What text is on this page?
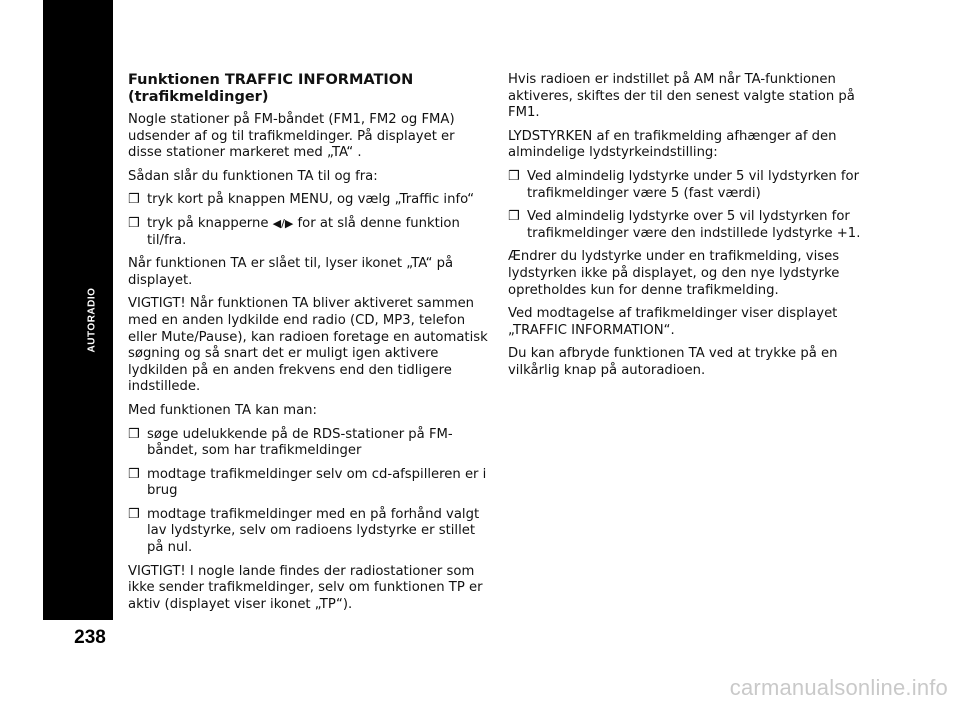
AUTORADIO
238
Funktionen TRAFFIC INFORMATION
(trafikmeldinger)

Nogle stationer på FM-båndet (FM1, FM2 og FMA) udsender af og til trafikmeldinger. På displayet er disse stationer markeret med „TA“ .

Sådan slår du funktionen TA til og fra:

❒ tryk kort på knappen MENU, og vælg „Traffic info“
❒ tryk på knapperne ◀/▶ for at slå denne funktion til/fra.

Når funktionen TA er slået til, lyser ikonet „TA“ på displayet.

VIGTIGT! Når funktionen TA bliver aktiveret sammen med en anden lydkilde end radio (CD, MP3, telefon eller Mute/Pause), kan radioen foretage en automatisk søgning og så snart det er muligt igen aktivere lydkilden på en anden frekvens end den tidligere indstillede.

Med funktionen TA kan man:

❒ søge udelukkende på de RDS-stationer på FM-båndet, som har trafikmeldinger
❒ modtage trafikmeldinger selv om cd-afspilleren er i brug
❒ modtage trafikmeldinger med en på forhånd valgt lav lydstyrke, selv om radioens lydstyrke er stillet på nul.

VIGTIGT! I nogle lande findes der radiostationer som ikke sender trafikmeldinger, selv om funktionen TP er aktiv (displayet viser ikonet „TP“).

Hvis radioen er indstillet på AM når TA-funktionen aktiveres, skiftes der til den senest valgte station på FM1.

LYDSTYRKEN af en trafikmelding afhænger af den almindelige lydstyrkeindstilling:

❒ Ved almindelig lydstyrke under 5 vil lydstyrken for trafikmeldinger være 5 (fast værdi)
❒ Ved almindelig lydstyrke over 5 vil lydstyrken for trafikmeldinger være den indstillede lydstyrke +1.

Ændrer du lydstyrke under en trafikmelding, vises lydstyrken ikke på displayet, og den nye lydstyrke opretholdes kun for denne trafikmelding.

Ved modtagelse af trafikmeldinger viser displayet „TRAFFIC INFORMATION“.

Du kan afbryde funktionen TA ved at trykke på en vilkårlig knap på autoradioen.

carmanualsonline.info
